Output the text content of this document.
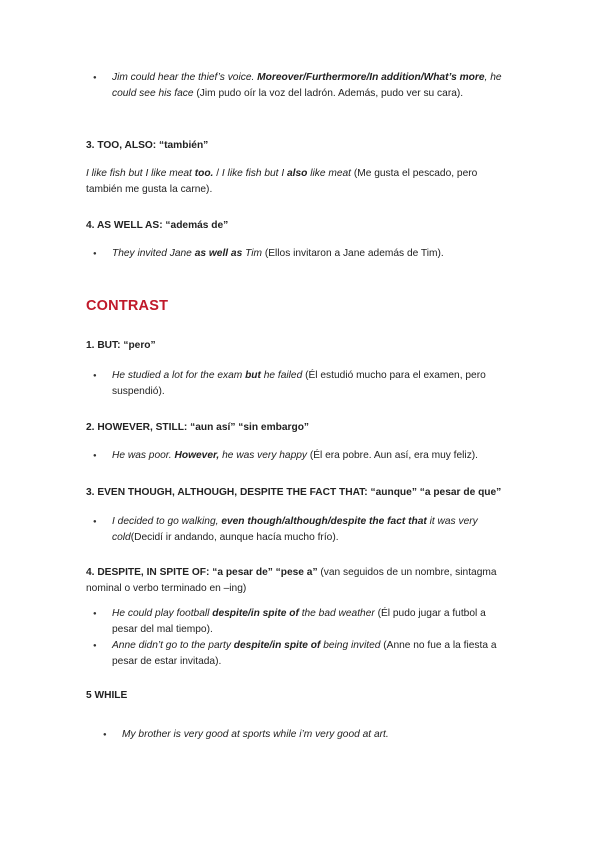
● Jim could hear the thief’s voice. Moreover/Furthermore/In addition/What’s more, he could see his face (Jim pudo oír la voz del ladrón. Además, pudo ver su cara).
3. TOO, ALSO: “también”
I like fish but I like meat too. / I like fish but I also like meat (Me gusta el pescado, pero también me gusta la carne).
4. AS WELL AS: “además de”
● They invited Jane as well as Tim (Ellos invitaron a Jane además de Tim).
CONTRAST
1. BUT: “pero”
● He studied a lot for the exam but he failed (Él estudió mucho para el examen, pero suspendió).
2. HOWEVER, STILL: “aun así” “sin embargo”
● He was poor. However, he was very happy (Él era pobre. Aun así, era muy feliz).
3. EVEN THOUGH, ALTHOUGH, DESPITE THE FACT THAT: “aunque” “a pesar de que”
● I decided to go walking, even though/although/despite the fact that it was very cold(Decidí ir andando, aunque hacía mucho frío).
4. DESPITE, IN SPITE OF: “a pesar de” “pese a” (van seguidos de un nombre, sintagma nominal o verbo terminado en –ing)
● He could play football despite/in spite of the bad weather (Él pudo jugar a futbol a pesar del mal tiempo).
● Anne didn’t go to the party despite/in spite of being invited (Anne no fue a la fiesta a pesar de estar invitada).
5 WHILE
● My brother is very good at sports while i’m very good at art.
